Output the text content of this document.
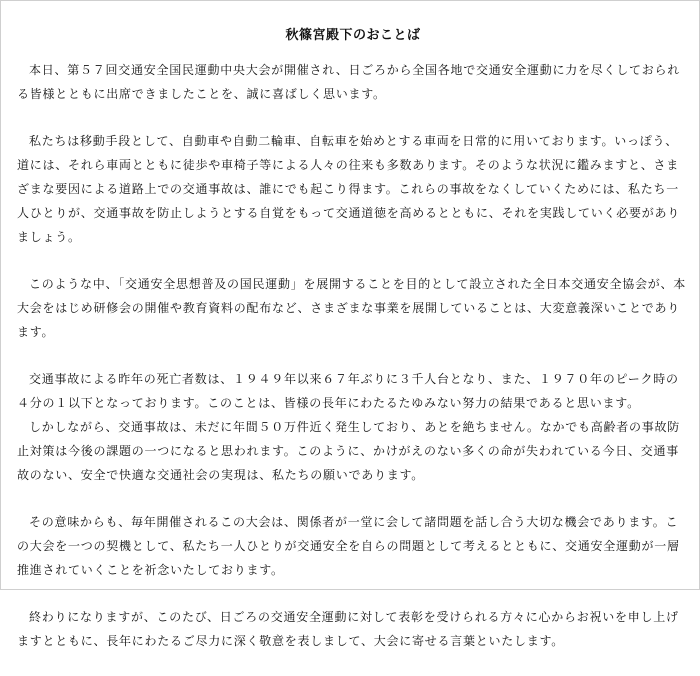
秋篠宮殿下のおことば

本日、第５７回交通安全国民運動中央大会が開催され、日ごろから全国各地で交通安全運動に力を尽くしておられる皆様とともに出席できましたことを、誠に喜ばしく思います。

私たちは移動手段として、自動車や自動二輪車、自転車を始めとする車両を日常的に用いております。いっぽう、道には、それら車両とともに徒歩や車椅子等による人々の往来も多数あります。そのような状況に鑑みますと、さまざまな要因による道路上での交通事故は、誰にでも起こり得ます。これらの事故をなくしていくためには、私たち一人ひとりが、交通事故を防止しようとする自覚をもって交通道徳を高めるとともに、それを実践していく必要がありましょう。

このような中、「交通安全思想普及の国民運動」を展開することを目的として設立された全日本交通安全協会が、本大会をはじめ研修会の開催や教育資料の配布など、さまざまな事業を展開していることは、大変意義深いことであります。

交通事故による昨年の死亡者数は、１９４９年以来６７年ぶりに３千人台となり、また、１９７０年のピーク時の４分の１以下となっております。このことは、皆様の長年にわたるたゆみない努力の結果であると思います。

しかしながら、交通事故は、未だに年間５０万件近く発生しており、あとを絶ちません。なかでも高齢者の事故防止対策は今後の課題の一つになると思われます。このように、かけがえのない多くの命が失われている今日、交通事故のない、安全で快適な交通社会の実現は、私たちの願いであります。

その意味からも、毎年開催されるこの大会は、関係者が一堂に会して諸問題を話し合う大切な機会であります。この大会を一つの契機として、私たち一人ひとりが交通安全を自らの問題として考えるとともに、交通安全運動が一層推進されていくことを祈念いたしております。

終わりになりますが、このたび、日ごろの交通安全運動に対して表彰を受けられる方々に心からお祝いを申し上げますとともに、長年にわたるご尽力に深く敬意を表しまして、大会に寄せる言葉といたします。
